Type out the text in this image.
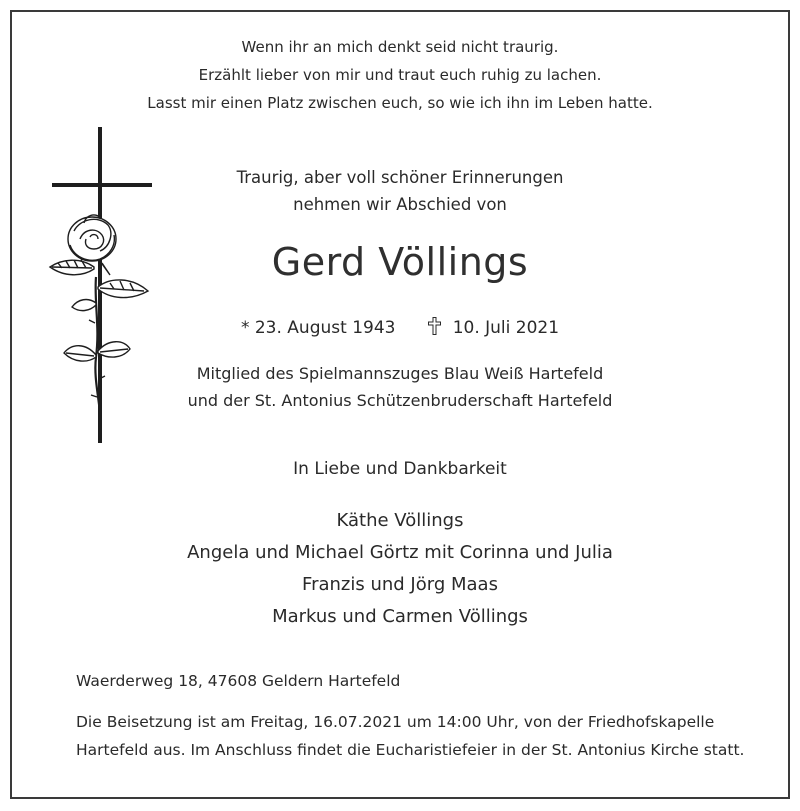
Wenn ihr an mich denkt seid nicht traurig.
Erzählt lieber von mir und traut euch ruhig zu lachen.
Lasst mir einen Platz zwischen euch, so wie ich ihn im Leben hatte.
Traurig, aber voll schöner Erinnerungen
nehmen wir Abschied von
Gerd Völlings
* 23. August 1943	10. Juli 2021
Mitglied des Spielmannszuges Blau Weiß Hartefeld
und der St. Antonius Schützenbruderschaft Hartefeld
In Liebe und Dankbarkeit
Käthe Völlings
Angela und Michael Görtz mit Corinna und Julia
Franzis und Jörg Maas
Markus und Carmen Völlings
Waerderweg 18, 47608 Geldern Hartefeld
Die Beisetzung ist am Freitag, 16.07.2021 um 14:00 Uhr, von der Friedhofskapelle
Hartefeld aus. Im Anschluss findet die Eucharistiefeier in der St. Antonius Kirche statt.
